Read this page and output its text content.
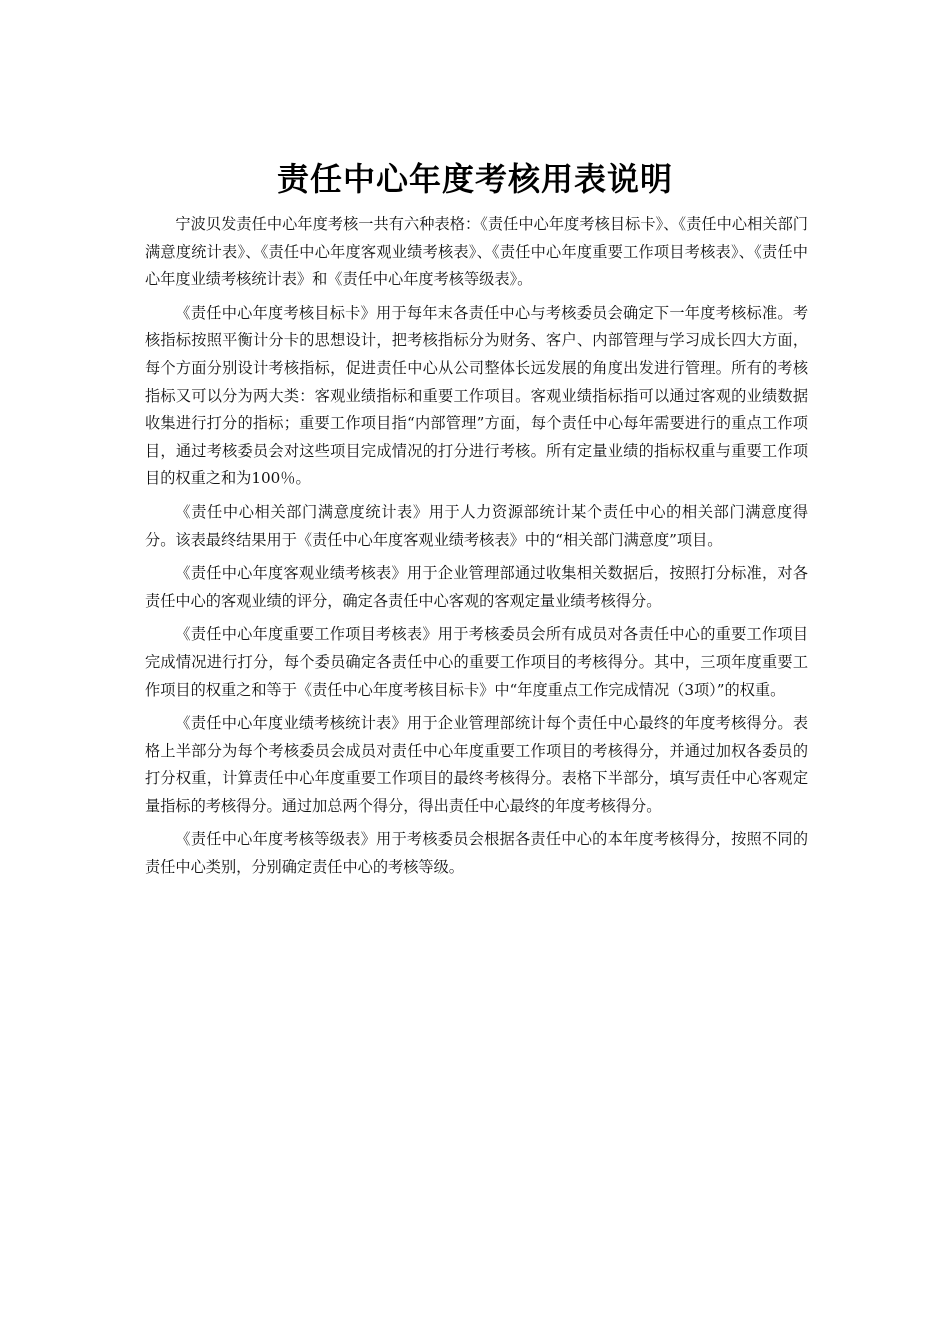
责任中心年度考核用表说明

宁波贝发责任中心年度考核一共有六种表格：《责任中心年度考核目标卡》、《责任中心相关部门满意度统计表》、《责任中心年度客观业绩考核表》、《责任中心年度重要工作项目考核表》、《责任中心年度业绩考核统计表》和《责任中心年度考核等级表》。

《责任中心年度考核目标卡》用于每年末各责任中心与考核委员会确定下一年度考核标准。考核指标按照平衡计分卡的思想设计，把考核指标分为财务、客户、内部管理与学习成长四大方面，每个方面分别设计考核指标，促进责任中心从公司整体长远发展的角度出发进行管理。所有的考核指标又可以分为两大类：客观业绩指标和重要工作项目。客观业绩指标指可以通过客观的业绩数据收集进行打分的指标；重要工作项目指“内部管理”方面，每个责任中心每年需要进行的重点工作项目，通过考核委员会对这些项目完成情况的打分进行考核。所有定量业绩的指标权重与重要工作项目的权重之和为100％。

《责任中心相关部门满意度统计表》用于人力资源部统计某个责任中心的相关部门满意度得分。该表最终结果用于《责任中心年度客观业绩考核表》中的“相关部门满意度”项目。

《责任中心年度客观业绩考核表》用于企业管理部通过收集相关数据后，按照打分标准，对各责任中心的客观业绩的评分，确定各责任中心客观的客观定量业绩考核得分。

《责任中心年度重要工作项目考核表》用于考核委员会所有成员对各责任中心的重要工作项目完成情况进行打分，每个委员确定各责任中心的重要工作项目的考核得分。其中，三项年度重要工作项目的权重之和等于《责任中心年度考核目标卡》中“年度重点工作完成情况（3项）”的权重。

《责任中心年度业绩考核统计表》用于企业管理部统计每个责任中心最终的年度考核得分。表格上半部分为每个考核委员会成员对责任中心年度重要工作项目的考核得分，并通过加权各委员的打分权重，计算责任中心年度重要工作项目的最终考核得分。表格下半部分，填写责任中心客观定量指标的考核得分。通过加总两个得分，得出责任中心最终的年度考核得分。

《责任中心年度考核等级表》用于考核委员会根据各责任中心的本年度考核得分，按照不同的责任中心类别，分别确定责任中心的考核等级。
